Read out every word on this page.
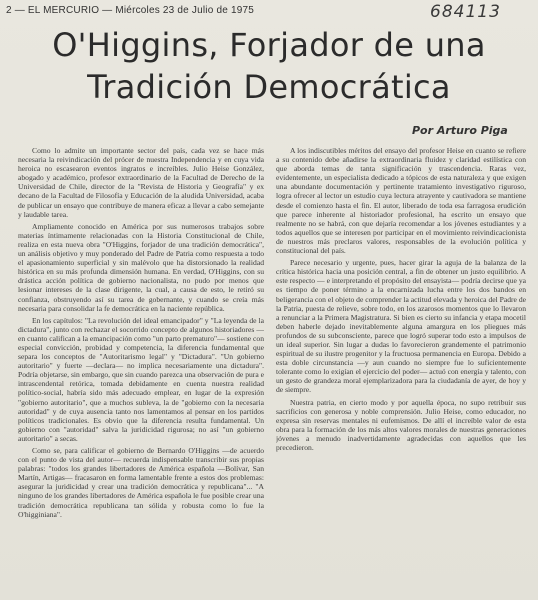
2 — EL MERCURIO — Miércoles 23 de Julio de 1975	684113
O'Higgins, Forjador de una
Tradición Democrática
Por Arturo Piga

Como lo admite un importante sector del país, cada vez se hace más necesaria la reivindicación del prócer de nuestra Independencia y en cuya vida heroica no escasearon eventos ingratos e increíbles. Julio Heise González, abogado y académico, profesor extraordinario de la Facultad de Derecho de la Universidad de Chile, director de la "Revista de Historia y Geografía" y ex decano de la Facultad de Filosofía y Educación de la aludida Universidad, acaba de publicar un ensayo que contribuye de manera eficaz a llevar a cabo semejante y laudable tarea.

Ampliamente conocido en América por sus numerosos trabajos sobre materias íntimamente relacionadas con la Historia Constitucional de Chile, realiza en esta nueva obra "O'Higgins, forjador de una tradición democrática", un análisis objetivo y muy ponderado del Padre de Patria como respuesta a todo el apasionamiento superficial y sin malévolo que ha distorsionado la realidad histórica en su más profunda dimensión humana. En verdad, O'Higgins, con su drástica acción política de gobierno nacionalista, no pudo por menos que lesionar intereses de la clase dirigente, la cual, a causa de esto, le retiró su confianza, obstruyendo así su tarea de gobernante, y cuando se creía más necesaria para consolidar la fe democrática en la naciente república.

En los capítulos: "La revolución del ideal emancipador" y "La leyenda de la dictadura", junto con rechazar el socorrido concepto de algunos historiadores —en cuanto califican a la emancipación como "un parto prematuro"— sostiene con especial convicción, probidad y competencia, la diferencia fundamental que separa los conceptos de "Autoritarismo legal" y "Dictadura". "Un gobierno autoritario" y fuerte —declara— no implica necesariamente una dictadura". Podría objetarse, sin embargo, que sin cuando parezca una observación de pura e intrascendental retórica, tomada debidamente en cuenta nuestra realidad político-social, habría sido más adecuado emplear, en lugar de la expresión "gobierno autoritario", que a muchos subleva, la de "gobierno con la necesaria autoridad" y de cuya ausencia tanto nos lamentamos al pensar en los partidos políticos tradicionales. Es obvio que la diferencia resulta fundamental. Un gobierno con "autoridad" salva la juridicidad rigurosa; no así "un gobierno autoritario" a secas.

Como se, para calificar el gobierno de Bernardo O'Higgins —de acuerdo con el punto de vista del autor— recuerda indispensable transcribir sus propias palabras: "todos los grandes libertadores de América española —Bolívar, San Martín, Artigas— fracasaron en forma lamentable frente a estos dos problemas: asegurar la juridicidad y crear una tradición democrática y republicana"... "A ninguno de los grandes libertadores de América española le fue posible crear una tradición democrática republicana tan sólida y robusta como lo fue la O'higginiana".

A los indiscutibles méritos del ensayo del profesor Heise en cuanto se refiere a su contenido debe añadirse la extraordinaria fluidez y claridad estilística con que aborda temas de tanta significación y trascendencia. Raras vez, evidentemente, un especialista dedicado a tópicos de esta naturaleza y que exigen una abundante documentación y pertinente tratamiento investigativo riguroso, logra ofrecer al lector un estudio cuya lectura atrayente y cautivadora se mantiene desde el comienzo hasta el fin. El autor, liberado de toda esa farragosa erudición que parece inherente al historiador profesional, ha escrito un ensayo que realmente no se habrá, con que dejaría recomendar a los jóvenes estudiantes y a todos aquellos que se interesen por participar en el movimiento reivindicacionista de nuestros más preclaros valores, responsables de la evolución política y constitucional del país.

Parece necesario y urgente, pues, hacer girar la aguja de la balanza de la crítica histórica hacia una posición central, a fin de obtener un justo equilibrio. A este respecto — e interpretando el propósito del ensayista— podría decirse que ya es tiempo de poner término a la encarnizada lucha entre los dos bandos en beligerancia con el objeto de comprender la actitud elevada y heroica del Padre de la Patria, puesta de relieve, sobre todo, en los azarosos momentos que lo llevaron a renunciar a la Primera Magistratura. Si bien es cierto su infancia y etapa mocetil deben haberle dejado inevitablemente alguna amargura en los pliegues más profundos de su subconsciente, parece que logró superar todo esto a impulsos de un ideal superior. Sin lugar a dudas lo favorecieron grandemente el patrimonio espiritual de su ilustre progenitor y la fructuosa permanencia en Europa. Debido a esta doble circunstancia —y aun cuando no siempre fue lo suficientemente tolerante como lo exigían el ejercicio del poder— actuó con energía y talento, con un gesto de grandeza moral ejemplarizadora para la ciudadanía de ayer, de hoy y de siempre.

Nuestra patria, en cierto modo y por aquella época, no supo retribuir sus sacrificios con generosa y noble comprensión. Julio Heise, como educador, no expresa sin reservas mentales ni eufemismos. De allí el increíble valor de esta obra para la formación de los más altos valores morales de nuestras generaciones jóvenes a menudo inadvertidamente agradecidas con aquellos que les precedieron.
